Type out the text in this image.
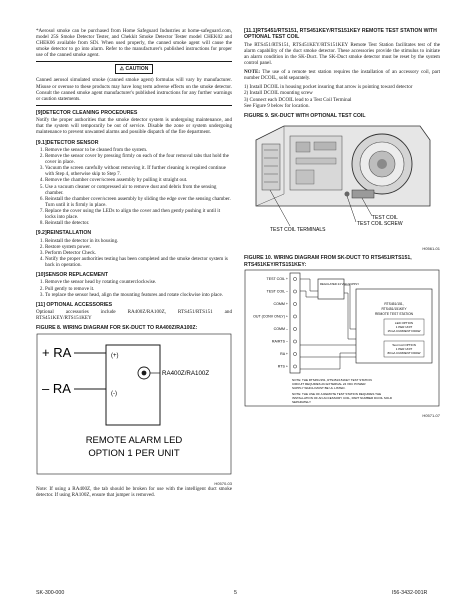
*Aerosol smoke can be purchased from Home Safeguard Industries at home-safeguard.com, model 25S Smoke Detector Tester, and Chekkit Smoke Detector Tester model CHEK02 and CHEK06 available from SDi. When used properly, the canned smoke agent will cause the smoke detector to go into alarm. Refer to the manufacturer's published instructions for proper use of the canned smoke agent.

⚠ CAUTION

Canned aerosol simulated smoke (canned smoke agent) formulas will vary by manufacturer. Misuse or overuse to these products may have long term adverse effects on the smoke detector. Consult the canned smoke agent manufacturer's published instructions for any further warnings or caution statements.

[9]DETECTOR CLEANING PROCEDURES

Notify the proper authorities that the smoke detector system is undergoing maintenance, and that the system will temporarily be out of service. Disable the zone or system undergoing maintenance to prevent unwanted alarms and possible dispatch of the fire department.

[9.1]DETECTOR SENSOR
1. Remove the sensor to be cleaned from the system.
2. Remove the sensor cover by pressing firmly on each of the four removal tabs that hold the cover in place.
3. Vacuum the screen carefully without removing it. If further cleaning is required continue with Step 4, otherwise skip to Step 7.
4. Remove the chamber cover/screen assembly by pulling it straight out.
5. Use a vacuum cleaner or compressed air to remove dust and debris from the sensing chamber.
6. Reinstall the chamber cover/screen assembly by sliding the edge over the sensing chamber. Turn until it is firmly in place.
7. Replace the cover using the LEDs to align the cover and then gently pushing it until it locks into place.
8. Reinstall the detector.
[9.2]REINSTALLATION
1. Reinstall the detector in its housing.
2. Restore system power.
3. Perform Detector Check.
4. Notify the proper authorities testing has been completed and the smoke detector system is back in operation.
[10]SENSOR REPLACEMENT
1. Remove the sensor head by rotating counterclockwise.
2. Pull gently to remove it.
3. To replace the sensor head, align the mounting features and rotate clockwise into place.
[11] OPTIONAL ACCESSORIES

Optional accessories include RA400Z/RA100Z, RTS451/RTS151 and RTS451KEY/RTS151KEY

FIGURE 8. WIRING DIAGRAM FOR SK-DUCT TO RA400Z/RA100Z:
+ RA
– RA
(+)
(-)
RA400Z/RA100Z
REMOTE ALARM LED
OPTION 1 PER UNIT
H0570-03

Note: If using a RA400Z, the tab should be broken for use with the intelligent duct smoke detector. If using RA100Z, ensure that jumper is removed.

[11.1]RTS451/RTS151, RTS451KEY/RTS151KEY REMOTE TEST STATION WITH OPTIONAL TEST COIL

The RTS451/RTS151, RTS451KEY/RTS151KEY Remote Test Station facilitates test of the alarm capability of the duct smoke detector. These accessories provide the stimulus to initiate an alarm condition in the SK-Duct. The SK-Duct smoke detector must be reset by the system control panel.

NOTE: The use of a remote test station requires the installation of an accessory coil, part number DCOIL, sold separately.

1) Install DCOIL in housing pocket insuring that arrow is pointing toward detector

2) Install DCOIL mounting screw

3) Connect each DCOIL lead to a Test Coil Terminal

See Figure 9 below for location.

FIGURE 9. SK-DUCT WITH OPTIONAL TEST COIL
TEST COIL
TEST COIL SCREW
TEST COIL TERMINALS
H0561-01
FIGURE 10. WIRING DIAGRAM FROM SK-DUCT TO RTS451/RTS151, RTS451KEY/RTS151KEY:
TEST COIL +
TEST COIL –
COMM +
OUT (CONV ONLY) +
COMM –
RA/RTS –
RA +
RTS +
REGULATED 24 VDC SUPPLY
RTS451/151,
RTS451/151KEY
REMOTE TEST STATION
LED OPTION
1 PER UNIT
15mA CURRENT DRAW
Test Coil OPTION
1 PER UNIT
80mA CURRENT DRAW
NOTE: THE RTS451/151, RTS451/151KEY TEST STATION
CIRCUIT REQUIRES AN EXTERNAL 24 VDC POWER
SUPPLY WHICH MUST BE UL LISTED.
NOTE: THE USE OF A REMOTE TEST STATION REQUIRES THE
INSTALLATION OF AN ACCESSORY COIL, PART NUMBER DCOIL SOLD
SEPARATELY
H0571-07
SK-300-000	5	I56-3432-001R
